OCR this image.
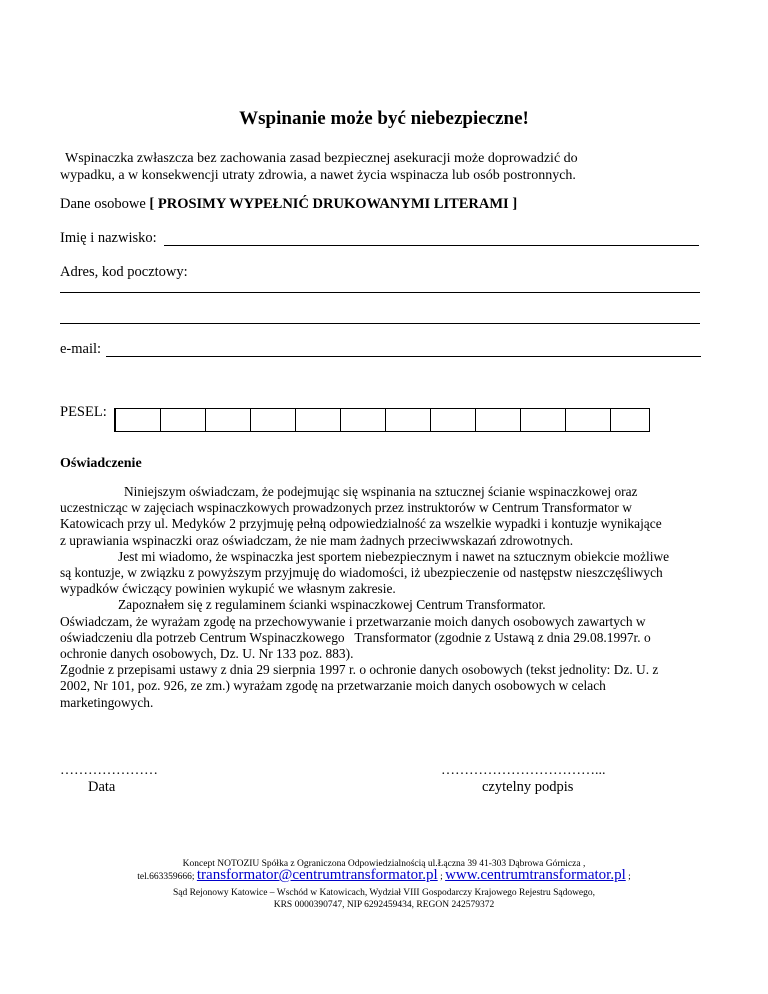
Wspinanie może być niebezpieczne!
Wspinaczka zwłaszcza bez zachowania zasad bezpiecznej asekuracji może doprowadzić do
wypadku, a w konsekwencji utraty zdrowia, a nawet życia wspinacza lub osób postronnych.
Dane osobowe [ PROSIMY WYPEŁNIĆ DRUKOWANYMI LITERAMI ]
Imię i nazwisko:
Adres, kod pocztowy:
e-mail:
PESEL:
Oświadczenie
Niniejszym oświadczam, że podejmując się wspinania na sztucznej ścianie wspinaczkowej oraz
uczestnicząc w zajęciach wspinaczkowych prowadzonych przez instruktorów w Centrum Transformator w
Katowicach przy ul. Medyków 2 przyjmuję pełną odpowiedzialność za wszelkie wypadki i kontuzje wynikające
z uprawiania wspinaczki oraz oświadczam, że nie mam żadnych przeciwwskazań zdrowotnych.
Jest mi wiadomo, że wspinaczka jest sportem niebezpiecznym i nawet na sztucznym obiekcie możliwe
są kontuzje, w związku z powyższym przyjmuję do wiadomości, iż ubezpieczenie od następstw nieszczęśliwych
wypadków ćwiczący powinien wykupić we własnym zakresie.
Zapoznałem się z regulaminem ścianki wspinaczkowej Centrum Transformator.
Oświadczam, że wyrażam zgodę na przechowywanie i przetwarzanie moich danych osobowych zawartych w
oświadczeniu dla potrzeb Centrum Wspinaczkowego   Transformator (zgodnie z Ustawą z dnia 29.08.1997r. o
ochronie danych osobowych, Dz. U. Nr 133 poz. 883).
Zgodnie z przepisami ustawy z dnia 29 sierpnia 1997 r. o ochronie danych osobowych (tekst jednolity: Dz. U. z
2002, Nr 101, poz. 926, ze zm.) wyrażam zgodę na przetwarzanie moich danych osobowych w celach
marketingowych.
…………………
Data
……………………………...
czytelny podpis
Koncept NOTOZIU Spółka z Ograniczona Odpowiedzialnością ul.Łączna 39 41-303 Dąbrowa Górnicza ,
tel.663359666; transformator@centrumtransformator.pl ; www.centrumtransformator.pl ;
Sąd Rejonowy Katowice – Wschód w Katowicach, Wydział VIII Gospodarczy Krajowego Rejestru Sądowego,
KRS 0000390747, NIP 6292459434, REGON 242579372
